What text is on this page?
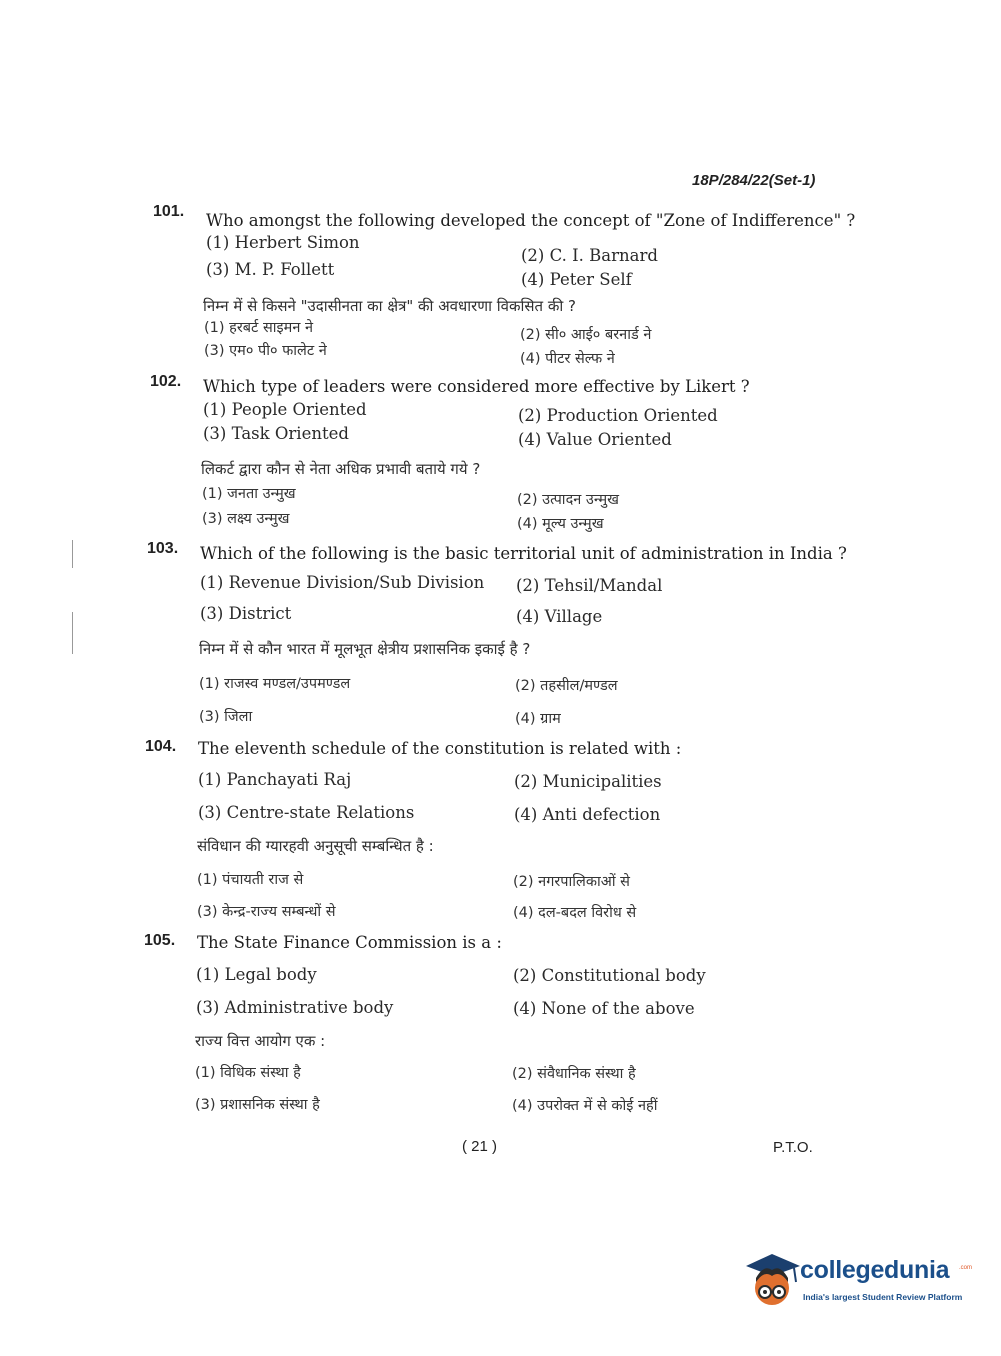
18P/284/22(Set-1)
101. Who amongst the following developed the concept of "Zone of Indifference" ?
(1) Herbert Simon
(2) C. I. Barnard
(3) M. P. Follett
(4) Peter Self
निम्न में से किसने "उदासीनता का क्षेत्र" की अवधारणा विकसित की ?
(1) हरबर्ट साइमन ने	(2) सी० आई० बरनार्ड ने
(3) एम० पी० फालेट ने	(4) पीटर सेल्फ ने
102. Which type of leaders were considered more effective by Likert ?
(1) People Oriented	(2) Production Oriented
(3) Task Oriented	(4) Value Oriented
लिकर्ट द्वारा कौन से नेता अधिक प्रभावी बताये गये ?
(1) जनता उन्मुख	(2) उत्पादन उन्मुख
(3) लक्ष्य उन्मुख	(4) मूल्य उन्मुख
103. Which of the following is the basic territorial unit of administration in India ?
(1) Revenue Division/Sub Division (2) Tehsil/Mandal
(3) District	(4) Village
निम्न में से कौन भारत में मूलभूत क्षेत्रीय प्रशासनिक इकाई है ?
(1) राजस्व मण्डल/उपमण्डल	(2) तहसील/मण्डल
(3) जिला	(4) ग्राम
104. The eleventh schedule of the constitution is related with :
(1) Panchayati Raj	(2) Municipalities
(3) Centre-state Relations	(4) Anti defection
संविधान की ग्यारहवी अनुसूची सम्बन्धित है :
(1) पंचायती राज से	(2) नगरपालिकाओं से
(3) केन्द्र-राज्य सम्बन्धों से	(4) दल-बदल विरोध से
105. The State Finance Commission is a :
(1) Legal body	(2) Constitutional body
(3) Administrative body	(4) None of the above
राज्य वित्त आयोग एक :
(1) विधिक संस्था है	(2) संवैधानिक संस्था है
(3) प्रशासनिक संस्था है	(4) उपरोक्त में से कोई नहीं
( 21 )	P.T.O.
collegedunia .com
India's largest Student Review Platform
